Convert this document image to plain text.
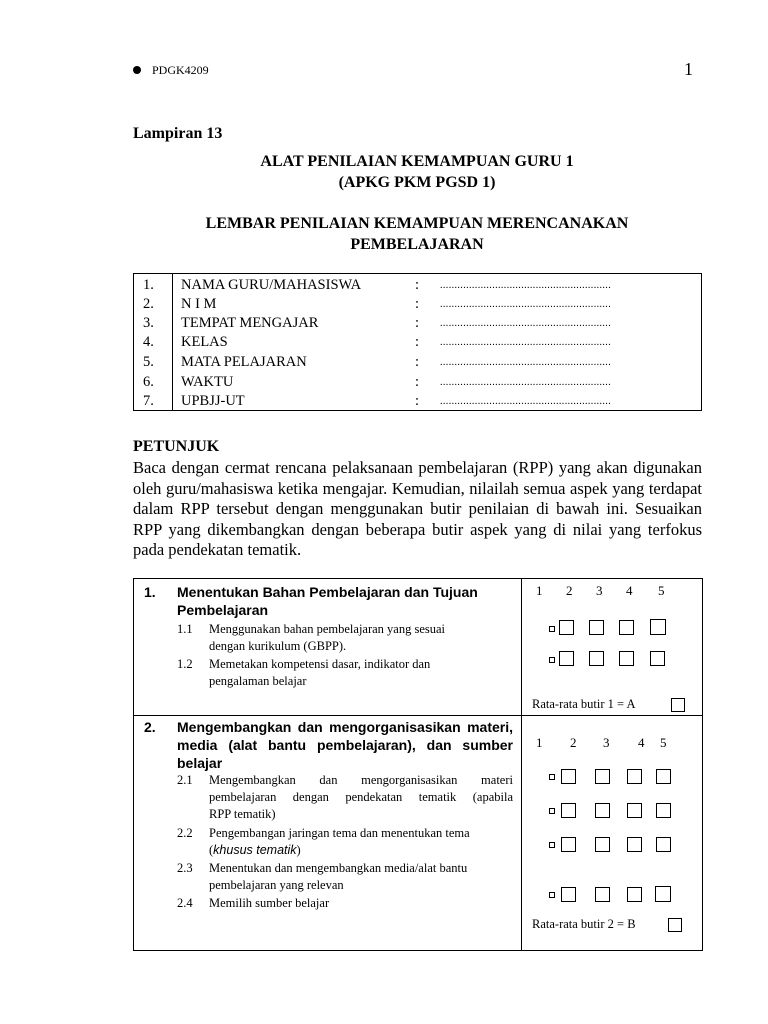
PDGK4209	1
Lampiran 13
ALAT PENILAIAN KEMAMPUAN GURU 1
(APKG PKM PGSD 1)
LEMBAR PENILAIAN KEMAMPUAN MERENCANAKAN
PEMBELAJARAN
1. NAMA GURU/MAHASISWA	: ...........................................................
2. N I M	: ...........................................................
3. TEMPAT MENGAJAR	: ...........................................................
4. KELAS	: ...........................................................
5. MATA PELAJARAN	: ...........................................................
6. WAKTU	: ...........................................................
7. UPBJJ-UT	: ...........................................................
PETUNJUK
Baca dengan cermat rencana pelaksanaan pembelajaran (RPP) yang akan digunakan oleh guru/mahasiswa ketika mengajar. Kemudian, nilailah semua aspek yang terdapat dalam RPP tersebut dengan menggunakan butir penilaian di bawah ini. Sesuaikan RPP yang dikembangkan dengan beberapa butir aspek yang di nilai yang terfokus pada pendekatan tematik.
1. Menentukan Bahan Pembelajaran dan Tujuan
Pembelajaran
1.1 Menggunakan bahan pembelajaran yang sesuai
dengan kurikulum (GBPP).
1.2 Memetakan kompetensi dasar, indikator dan
pengalaman belajar
1 2 3 4 5
Rata-rata butir 1 = A
2. Mengembangkan dan mengorganisasikan materi,
media (alat bantu pembelajaran), dan sumber
belajar
2.1 Mengembangkan dan mengorganisasikan materi
pembelajaran dengan pendekatan tematik (apabila
RPP tematik)
2.2 Pengembangan jaringan tema dan menentukan tema
(khusus tematik)
2.3 Menentukan dan mengembangkan media/alat bantu
pembelajaran yang relevan
2.4 Memilih sumber belajar
1 2 3 4 5
Rata-rata butir 2 = B
